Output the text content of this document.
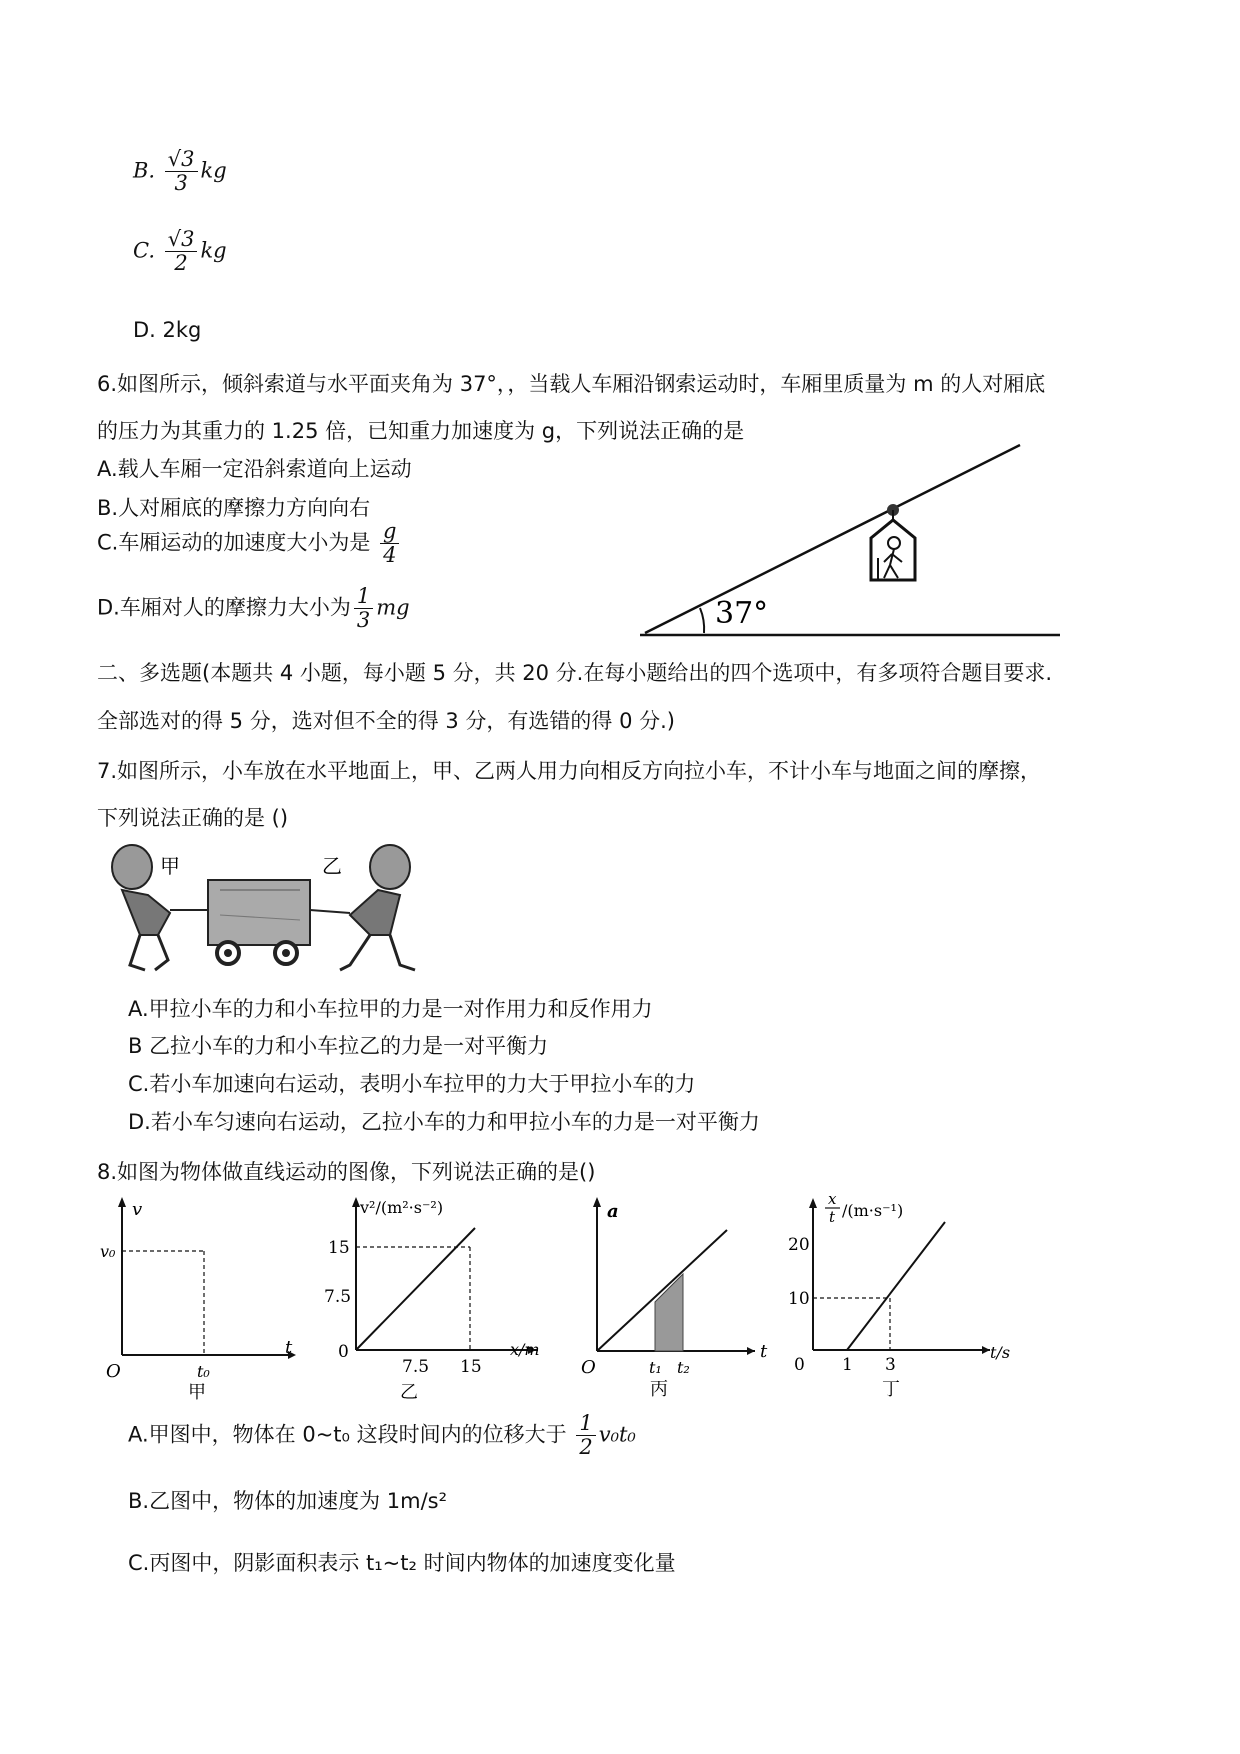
B. $\frac{√3}{3}$ kg
C. $\frac{√3}{2}$ kg
D. 2kg
6.如图所示，倾斜索道与水平面夹角为 37°，，当载人车厢沿钢索运动时，车厢里质量为 m 的人对厢底
的压力为其重力的 1.25 倍，已知重力加速度为 g，下列说法正确的是
A.载人车厢一定沿斜索道向上运动
B.人对厢底的摩擦力方向向右
C.车厢运动的加速度大小为是 $\frac{g}{4}$
D.车厢对人的摩擦力大小为 $\frac{1}{3}$ mg	37°
二、多选题(本题共 4 小题，每小题 5 分，共 20 分.在每小题给出的四个选项中，有多项符合题目要求.
全部选对的得 5 分，选对但不全的得 3 分，有选错的得 0 分.)
7.如图所示，小车放在水平地面上，甲、乙两人用力向相反方向拉小车，不计小车与地面之间的摩擦，
下列说法正确的是 ()
甲	乙
A.甲拉小车的力和小车拉甲的力是一对作用力和反作用力
B 乙拉小车的力和小车拉乙的力是一对平衡力
C.若小车加速向右运动，表明小车拉甲的力大于甲拉小车的力
D.若小车匀速向右运动，乙拉小车的力和甲拉小车的力是一对平衡力
8.如图为物体做直线运动的图像，下列说法正确的是()
v
t
v₀
O	t₀
甲
v²/(m²·s⁻²)
x/m
15
7.5
0
7.5 15
乙
a
t
O	t₁ t₂
丙
x
t /(m·s⁻¹)
t/s
20
10
0 1 3
丁
A.甲图中，物体在 0~t₀ 这段时间内的位移大于 $\frac{1}{2} v_0t_0$
B.乙图中，物体的加速度为 1m/s²
C.丙图中，阴影面积表示 t₁~t₂ 时间内物体的加速度变化量
